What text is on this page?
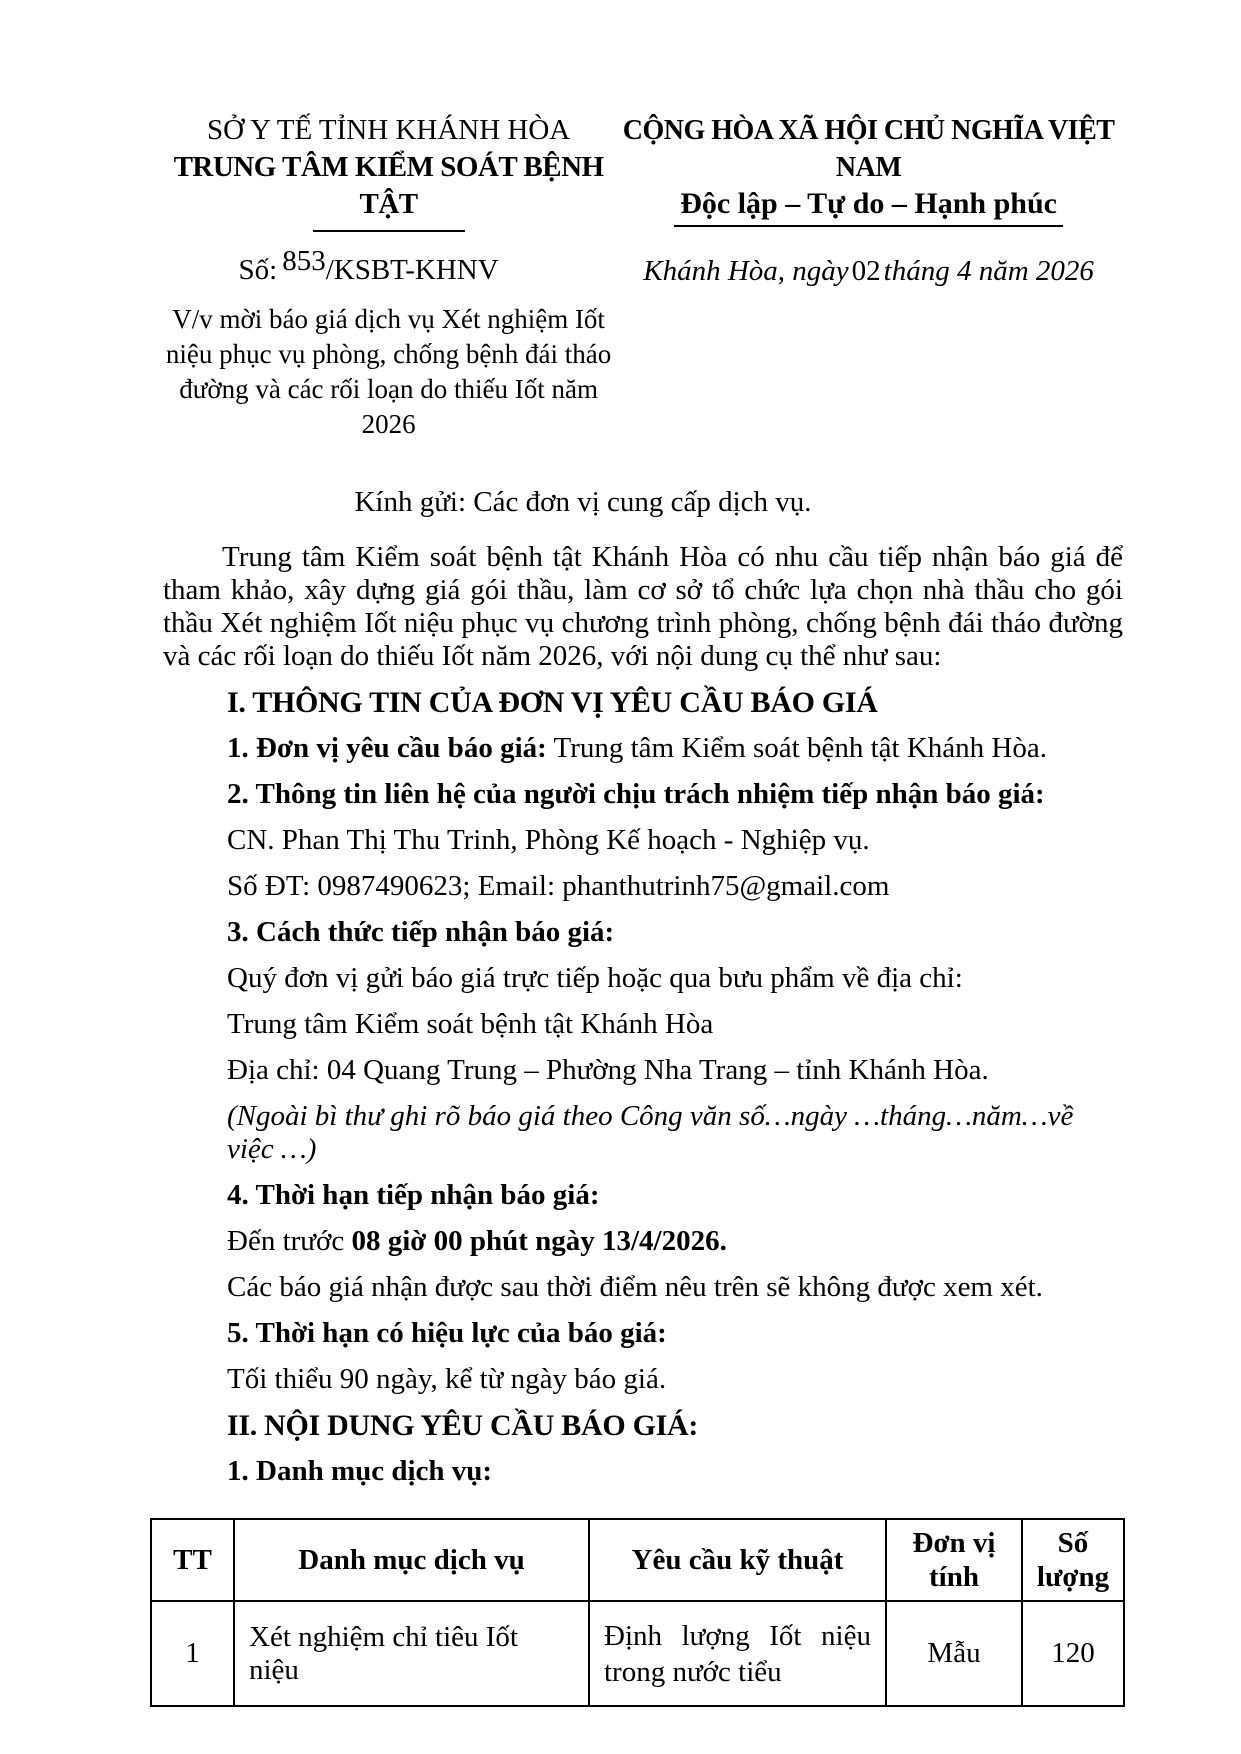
SỞ Y TẾ TỈNH KHÁNH HÒA
TRUNG TÂM KIỂM SOÁT BỆNH TẬT
Số: 853/KSBT-KHNV
V/v mời báo giá dịch vụ Xét nghiệm Iốt
niệu phục vụ phòng, chống bệnh đái tháo
đường và các rối loạn do thiếu Iốt năm 2026
CỘNG HÒA XÃ HỘI CHỦ NGHĨA VIỆT NAM
Độc lập – Tự do – Hạnh phúc
Khánh Hòa, ngày 02 tháng 4 năm 2026
Kính gửi: Các đơn vị cung cấp dịch vụ.
Trung tâm Kiểm soát bệnh tật Khánh Hòa có nhu cầu tiếp nhận báo giá để tham khảo, xây dựng giá gói thầu, làm cơ sở tổ chức lựa chọn nhà thầu cho gói thầu Xét nghiệm Iốt niệu phục vụ chương trình phòng, chống bệnh đái tháo đường và các rối loạn do thiếu Iốt năm 2026, với nội dung cụ thể như sau:
I. THÔNG TIN CỦA ĐƠN VỊ YÊU CẦU BÁO GIÁ
1. Đơn vị yêu cầu báo giá: Trung tâm Kiểm soát bệnh tật Khánh Hòa.
2. Thông tin liên hệ của người chịu trách nhiệm tiếp nhận báo giá:
CN. Phan Thị Thu Trinh, Phòng Kế hoạch - Nghiệp vụ.
Số ĐT: 0987490623; Email: phanthutrinh75@gmail.com
3. Cách thức tiếp nhận báo giá:
Quý đơn vị gửi báo giá trực tiếp hoặc qua bưu phẩm về địa chỉ:
Trung tâm Kiểm soát bệnh tật Khánh Hòa
Địa chỉ: 04 Quang Trung – Phường Nha Trang – tỉnh Khánh Hòa.
(Ngoài bì thư ghi rõ báo giá theo Công văn số…ngày …tháng…năm…về việc …)
4. Thời hạn tiếp nhận báo giá:
Đến trước 08 giờ 00 phút ngày 13/4/2026.
Các báo giá nhận được sau thời điểm nêu trên sẽ không được xem xét.
5. Thời hạn có hiệu lực của báo giá:
Tối thiểu 90 ngày, kể từ ngày báo giá.
II. NỘI DUNG YÊU CẦU BÁO GIÁ:
1. Danh mục dịch vụ:
TT	Danh mục dịch vụ	Yêu cầu kỹ thuật	Đơn vị tính	Số lượng
1	Xét nghiệm chỉ tiêu Iốt niệu	Định lượng Iốt niệu trong nước tiểu	Mẫu	120
